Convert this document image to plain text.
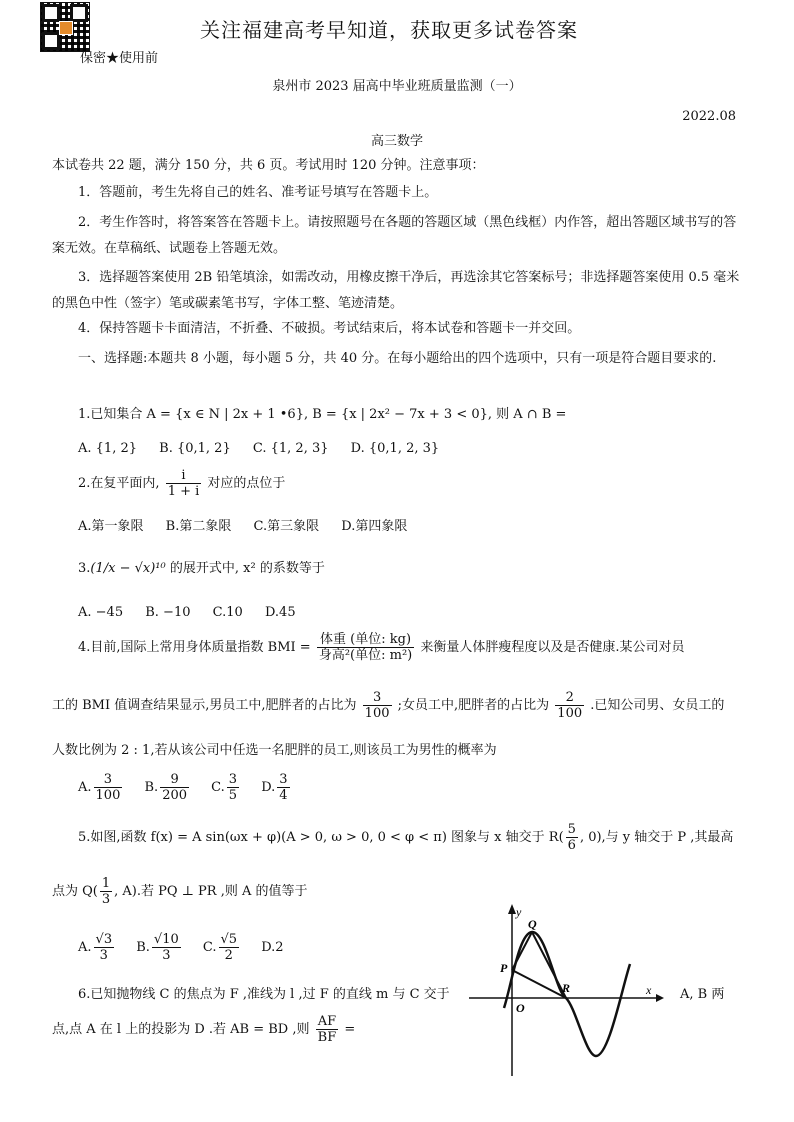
关注福建高考早知道，获取更多试卷答案
保密★使用前
泉州市 2023 届高中毕业班质量监测（一）
2022.08
高三数学
本试卷共 22 题，满分 150 分，共 6 页。考试用时 120 分钟。注意事项：
1．答题前，考生先将自己的姓名、准考证号填写在答题卡上。
2．考生作答时，将答案答在答题卡上。请按照题号在各题的答题区域（黑色线框）内作答，超出答题区域书写的答案无效。在草稿纸、试题卷上答题无效。
3．选择题答案使用 2B 铅笔填涂，如需改动，用橡皮擦干净后，再选涂其它答案标号；非选择题答案使用 0.5 毫米的黑色中性（签字）笔或碳素笔书写，字体工整、笔迹清楚。
4．保持答题卡卡面清洁，不折叠、不破损。考试结束后，将本试卷和答题卡一并交回。
一、选择题:本题共 8 小题，每小题 5 分，共 40 分。在每小题给出的四个选项中，只有一项是符合题目要求的.
1.已知集合 A = {x ∈ N | 2x + 1 •6}, B = {x | 2x² − 7x + 3 < 0}, 则 A ∩ B =
A. {1, 2} B. {0,1, 2} C. {1, 2, 3} D. {0,1, 2, 3}
2.在复平面内, $\frac{i}{1 + i}$ 对应的点位于
A.第一象限 B.第二象限 C.第三象限 D.第四象限
3.(1/x − √x)¹⁰ 的展开式中, x² 的系数等于
A. −45 B. −10 C.10 D.45
4.目前,国际上常用身体质量指数 BMI = $\frac{\text{体重 (单位: kg)}}{\text{身高²(单位: m²)}}$ 来衡量人体胖瘦程度以及是否健康.某公司对员
工的 BMI 值调查结果显示,男员工中,肥胖者的占比为 $\frac{3}{100}$ ;女员工中,肥胖者的占比为 $\frac{2}{100}$ .已知公司男、女员工的
人数比例为 2 : 1,若从该公司中任选一名肥胖的员工,则该员工为男性的概率为
A. $\frac{3}{100} B$. $\frac{9}{200} C$. $\frac{3}{5} D$. $\frac{3}{4}$
5.如图,函数 f(x) = A sin(ωx + φ)(A > 0, ω > 0, 0 < φ < π) 图象与 x 轴交于 $R( \frac{5}{6}$ , 0),与 y 轴交于 P ,其最高
点为 $Q( \frac{1}{3}$ , A).若 PQ ⊥ PR ,则 A 的值等于
A. $\frac{√3}{3} B$. $\frac{√10}{3} C$. $\frac{√5}{2} D.2$
6.已知抛物线 C 的焦点为 F ,准线为 l ,过 F 的直线 m 与 C 交于	A, B 两
点,点 A 在 l 上的投影为 D .若 AB = BD ,则 $\frac{AF}{BF}$ =
y
Q
P
R
O
x
